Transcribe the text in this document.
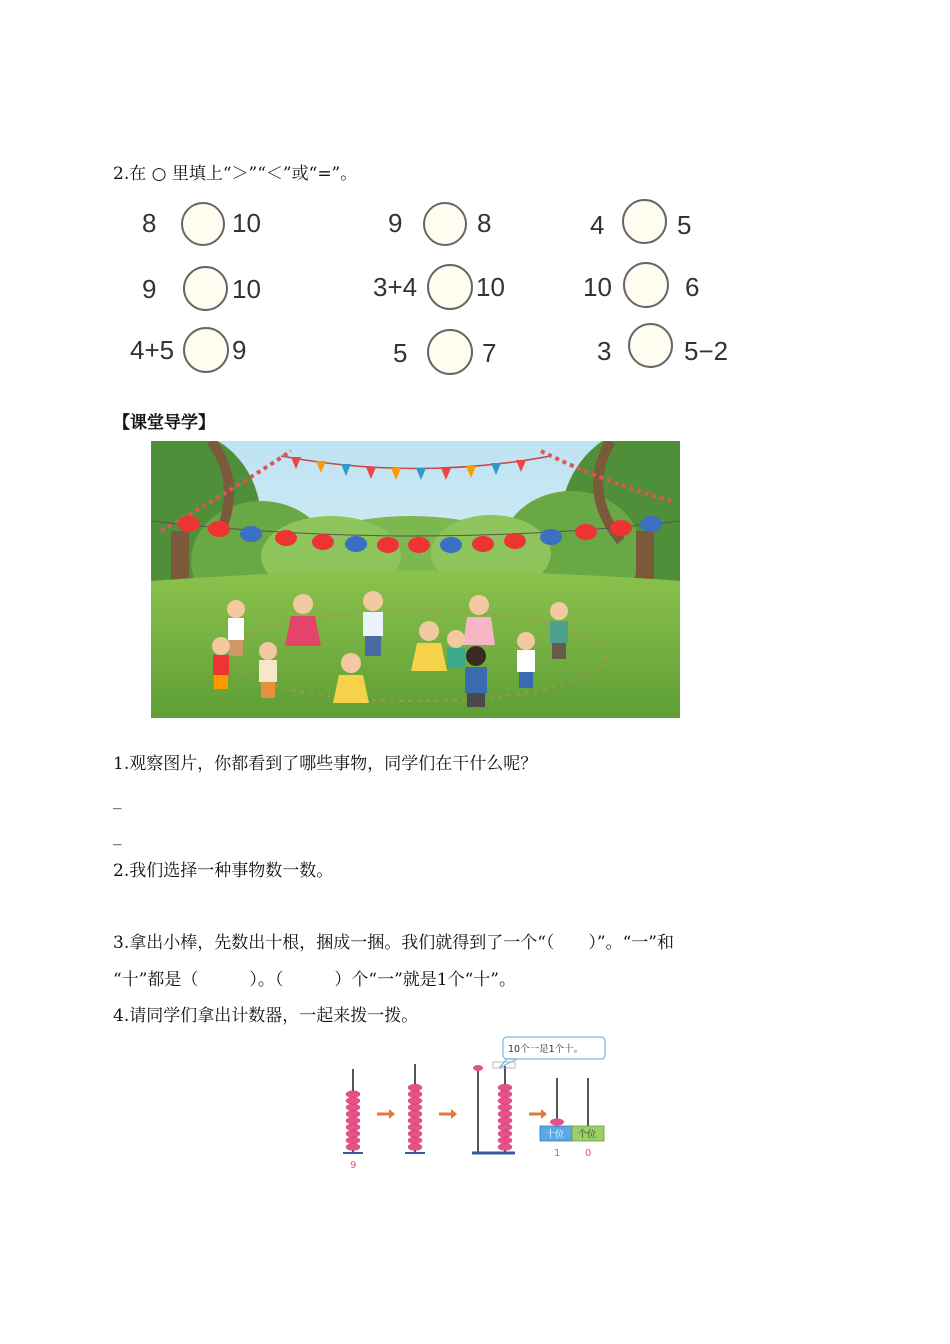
2.在 ○ 里填上“＞”“＜”或“=”。
8	10	9	8	4	5
9	10	3+4 10	10	6
4+5 9	5	7	3	5−2
【课堂导学】
1.观察图片，你都看到了哪些事物，同学们在干什么呢？
_
_
2.我们选择一种事物数一数。
3.拿出小棒，先数出十根，捆成一捆。我们就得到了一个“（　　）”。“一”和
“十”都是（　　　）。（　　　）个“一”就是1个“十”。
4.请同学们拿出计数器，一起来拨一拨。
10个一是1个十。
9
十位 个位
1 0
